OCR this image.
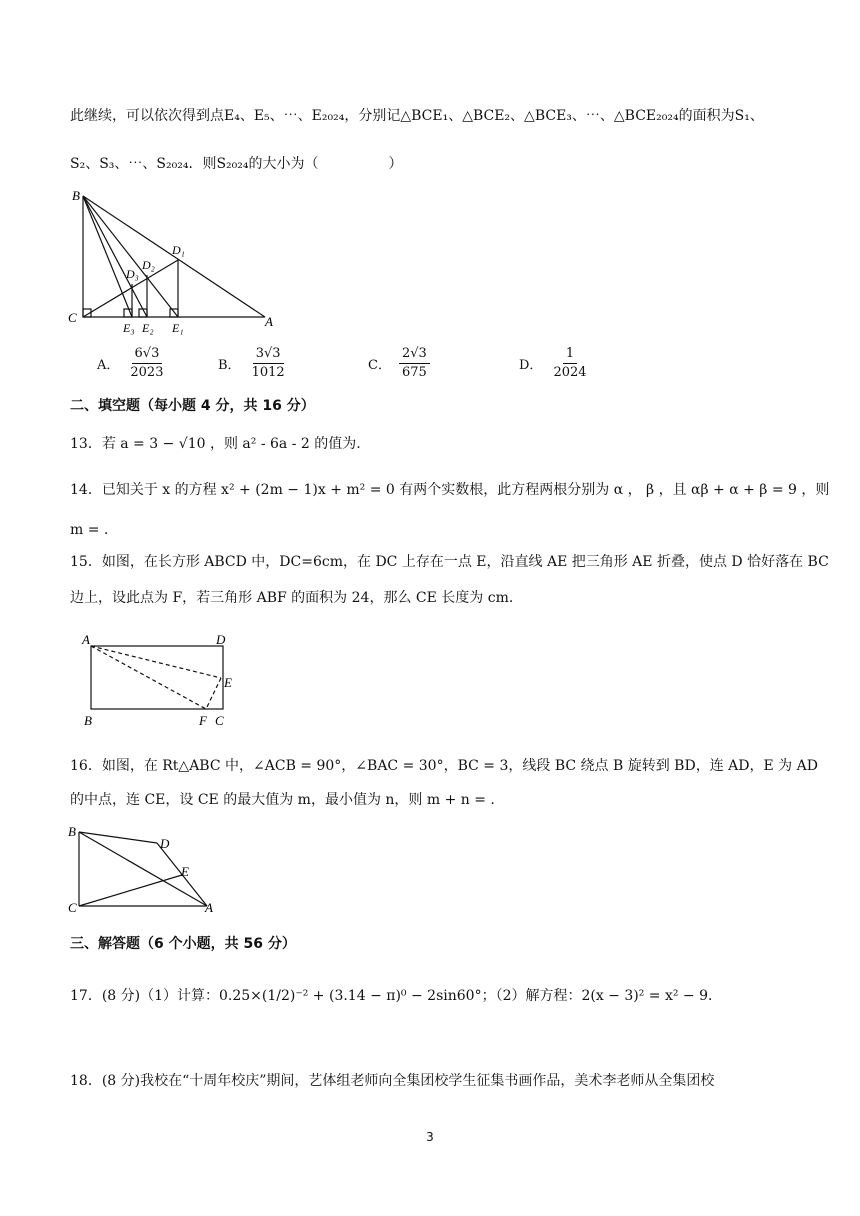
此继续，可以依次得到点E₄、E₅、⋯、E₂₀₂₄，分别记△BCE₁、△BCE₂、△BCE₃、⋯、△BCE₂₀₂₄的面积为S₁、
S₂、S₃、⋯、S₂₀₂₄．则S₂₀₂₄的大小为（　　　　　）
B
C	A
D₁
D₂
D₃
E₃ E₂ E₁
A． $\frac{6√3}{2023}$	B． $\frac{3√3}{1012}$	C． $\frac{2√3}{675}$	D． $\frac{1}{2024}$
二、填空题（每小题 4 分，共 16 分）
13．若 a = 3 − √10 ，则 a² - 6a - 2 的值为.
14．已知关于 x 的方程 x² + (2m − 1)x + m² = 0 有两个实数根，此方程两根分别为 α ， β ，且 αβ + α + β = 9 ，则
m = .
15．如图，在长方形 ABCD 中，DC=6cm，在 DC 上存在一点 E，沿直线 AE 把三角形 AE 折叠，使点 D 恰好落在 BC
边上，设此点为 F，若三角形 ABF 的面积为 24，那么 CE 长度为 cm.
A	D
E
B	F C
16．如图，在 Rt△ABC 中，∠ACB = 90°，∠BAC = 30°，BC = 3，线段 BC 绕点 B 旋转到 BD，连 AD，E 为 AD
的中点，连 CE，设 CE 的最大值为 m，最小值为 n，则 m + n = .
B
D
E
C	A
三、解答题（6 个小题，共 56 分）
17．(8 分)（1）计算：0.25×(1/2)⁻² + (3.14 − π)⁰ − 2sin60°；（2）解方程：2(x − 3)² = x² − 9．
18．(8 分)我校在“十周年校庆”期间，艺体组老师向全集团校学生征集书画作品，美术李老师从全集团校
3
